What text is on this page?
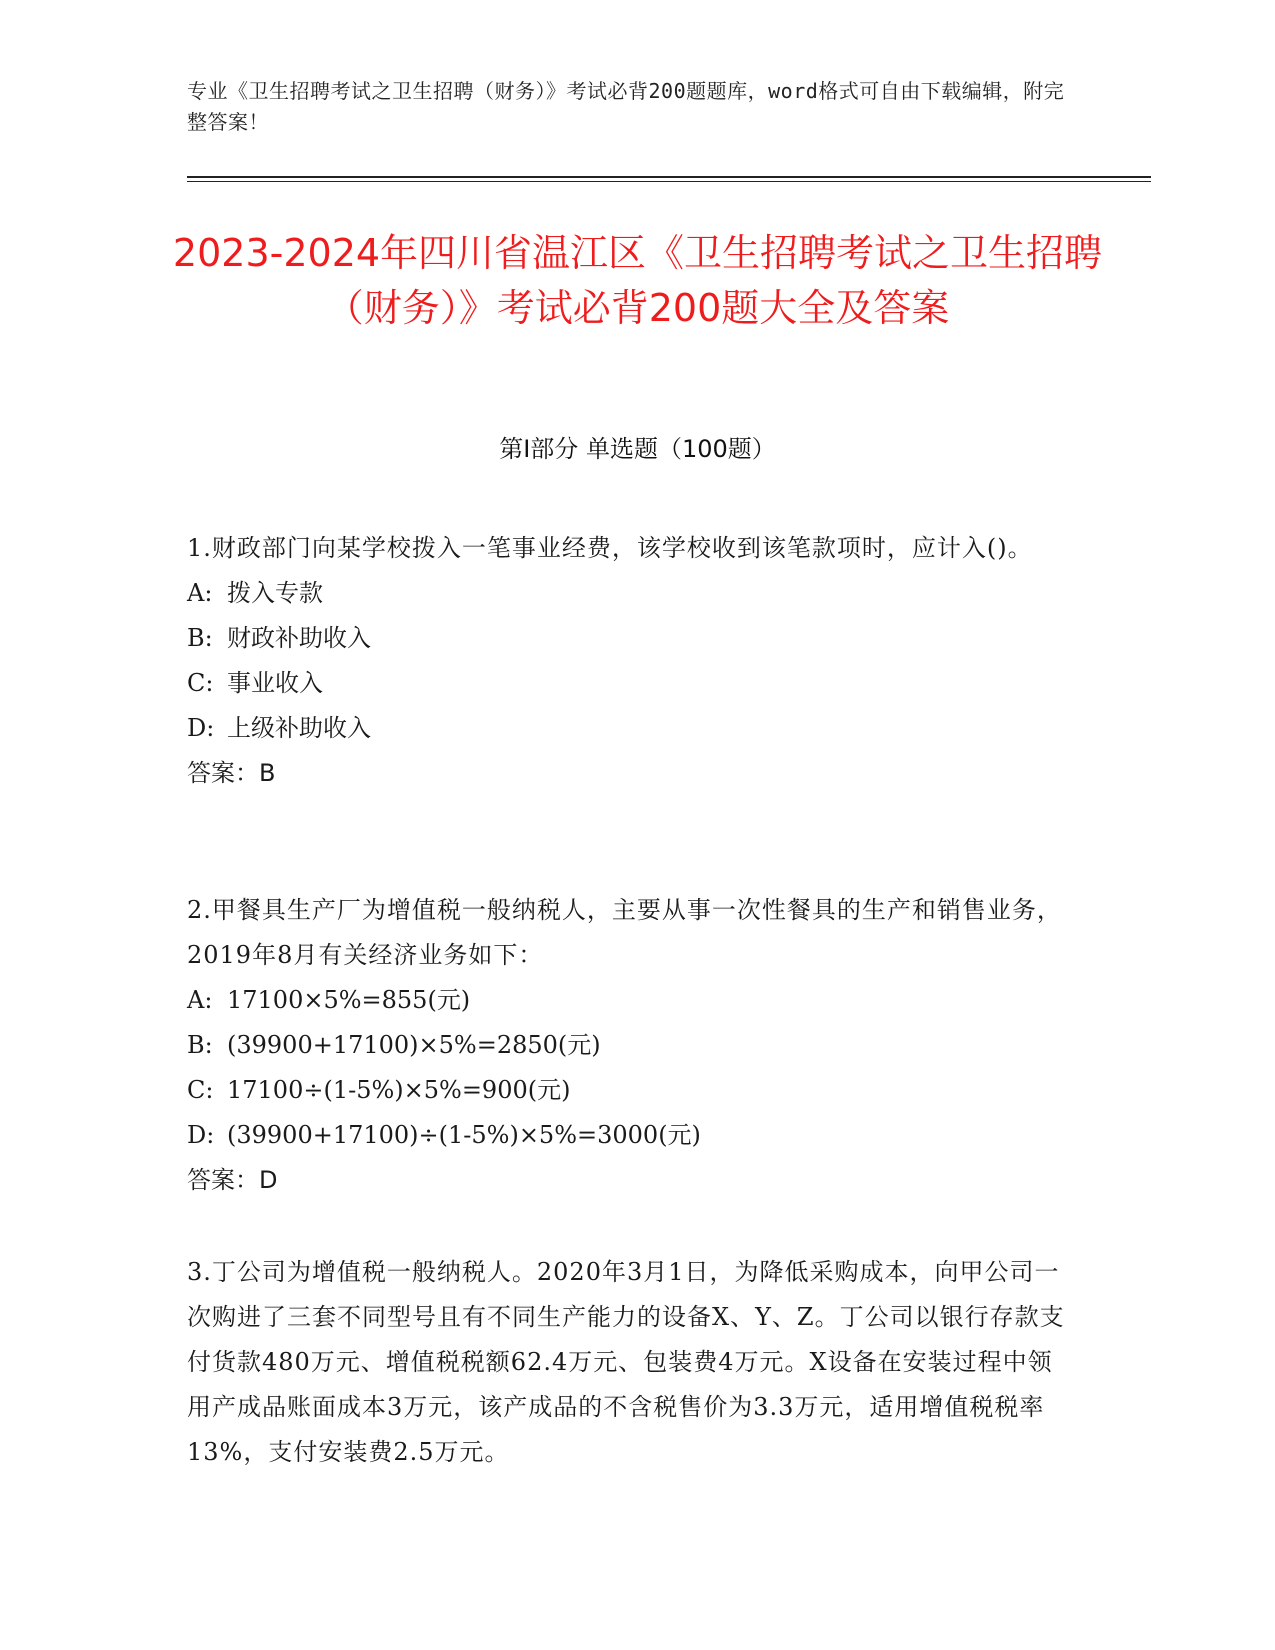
专业《卫生招聘考试之卫生招聘（财务）》考试必背200题题库，word格式可自由下载编辑，附完整答案！
2023-2024年四川省温江区《卫生招聘考试之卫生招聘（财务）》考试必背200题大全及答案
第I部分 单选题（100题）
1.财政部门向某学校拨入一笔事业经费，该学校收到该笔款项时，应计入()。
A: 拨入专款
B: 财政补助收入
C: 事业收入
D: 上级补助收入
答案：B
2.甲餐具生产厂为增值税一般纳税人，主要从事一次性餐具的生产和销售业务，2019年8月有关经济业务如下：
A: 17100×5%=855(元)
B: (39900+17100)×5%=2850(元)
C: 17100÷(1-5%)×5%=900(元)
D: (39900+17100)÷(1-5%)×5%=3000(元)
答案：D
3.丁公司为增值税一般纳税人。2020年3月1日，为降低采购成本，向甲公司一次购进了三套不同型号且有不同生产能力的设备X、Y、Z。丁公司以银行存款支付货款480万元、增值税税额62.4万元、包装费4万元。X设备在安装过程中领用产成品账面成本3万元，该产成品的不含税售价为3.3万元，适用增值税税率13%，支付安装费2.5万元。
